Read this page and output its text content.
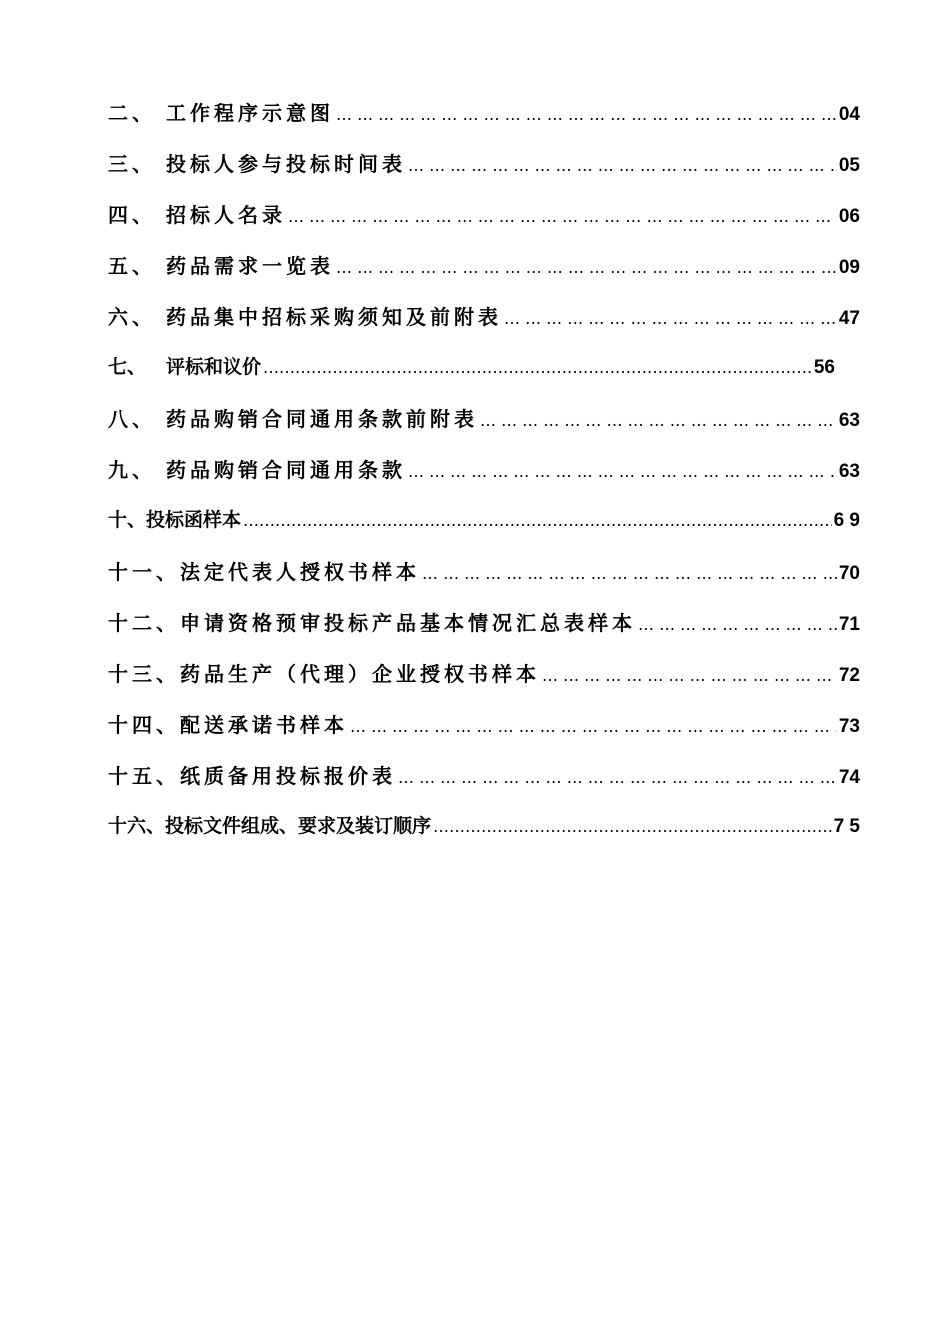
二、 工作程序示意图 … … … … … … … … … … … … … … … … … … … … … … … … … … … … … … … … … … … … … … … … … … … … … … … … … … … … … … … … … … …	04
三、 投标人参与投标时间表 … … … … … … … … … … … … … … … … … … … … … … … … … … … … … … … … … … … … … … … … … … … … … … … … … … … … … … … … … … …	05
四、 招标人名录 … … … … … … … … … … … … … … … … … … … … … … … … … … … … … … … … … … … … … … … … … … … … … … … … … … … … … … … … … … …	06
五、 药品需求一览表 … … … … … … … … … … … … … … … … … … … … … … … … … … … … … … … … … … … … … … … … … … … … … … … … … … … … … … … … … … …	09
六、 药品集中招标采购须知及前附表 … … … … … … … … … … … … … … … … … … … … … … … … … … … … … … … … … … … … … … … … … … … … … … … … … … … … … … … … … … …	47
七、	评标和议价 ………………………………………………………………………………………………………………………………………………………………………………………………………………	56
八、 药品购销合同通用条款前附表 … … … … … … … … … … … … … … … … … … … … … … … … … … … … … … … … … … … … … … … … … … … … … … … … … … … … … … … … … … …	63
九、 药品购销合同通用条款 … … … … … … … … … … … … … … … … … … … … … … … … … … … … … … … … … … … … … … … … … … … … … … … … … … … … … … … … … … …	63
十、 投标函样本 ………………………………………………………………………………………………………………………………………………………………………………………………………………	6 9
十一、 法定代表人授权书样本 … … … … … … … … … … … … … … … … … … … … … … … … … … … … … … … … … … … … … … … … … … … … … … … … … … … … … … … … … … …	70
十二、 申请资格预审投标产品基本情况汇总表样本 … … … … … … … … … … … … … … … … … … … … … … … … … … … … … … … … … … … … … … … … … … … … … … … … … … … … … … … … … … …	71
十三、 药品生产（代理）企业授权书样本 … … … … … … … … … … … … … … … … … … … … … … … … … … … … … … … … … … … … … … … … … … … … … … … … … … … … … … … … … … …	72
十四、 配送承诺书样本 … … … … … … … … … … … … … … … … … … … … … … … … … … … … … … … … … … … … … … … … … … … … … … … … … … … … … … … … … … …	73
十五、 纸质备用投标报价表 … … … … … … … … … … … … … … … … … … … … … … … … … … … … … … … … … … … … … … … … … … … … … … … … … … … … … … … … … … …	74
十六、 投标文件组成、要求及装订顺序 ………………………………………………………………………………………………………………………………………………………………………………………………………………	7 5
